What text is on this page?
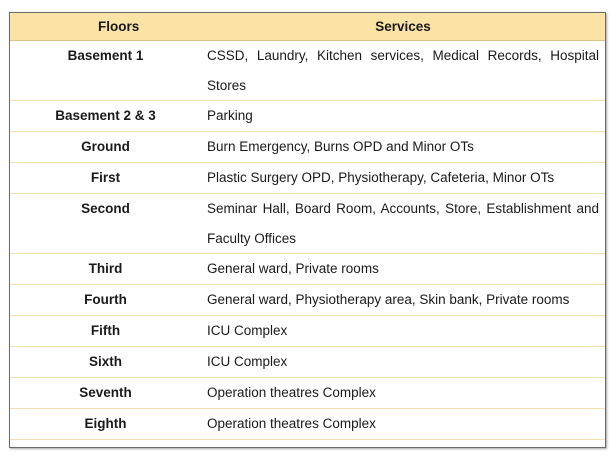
Floors	Services
Basement 1	CSSD, Laundry, Kitchen services, Medical Records, Hospital Stores
Basement 2 & 3	Parking
Ground	Burn Emergency, Burns OPD and Minor OTs
First	Plastic Surgery OPD, Physiotherapy, Cafeteria, Minor OTs
Second	Seminar Hall, Board Room, Accounts, Store, Establishment and Faculty Offices
Third	General ward, Private rooms
Fourth	General ward, Physiotherapy area, Skin bank, Private rooms
Fifth	ICU Complex
Sixth	ICU Complex
Seventh	Operation theatres Complex
Eighth	Operation theatres Complex
